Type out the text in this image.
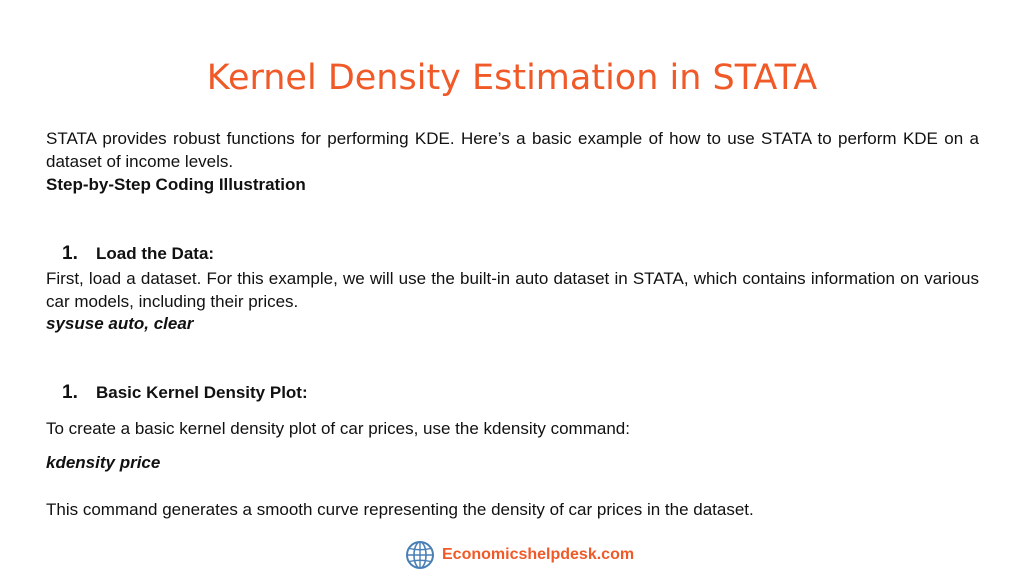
Kernel Density Estimation in STATA
STATA provides robust functions for performing KDE. Here’s a basic example of how to use STATA to perform KDE on a dataset of income levels.
Step-by-Step Coding Illustration
1.	Load the Data:
First, load a dataset. For this example, we will use the built-in auto dataset in STATA, which contains information on various car models, including their prices.
sysuse auto, clear
1.	Basic Kernel Density Plot:
To create a basic kernel density plot of car prices, use the kdensity command:
kdensity price
This command generates a smooth curve representing the density of car prices in the dataset.
Economicshelpdesk.com
